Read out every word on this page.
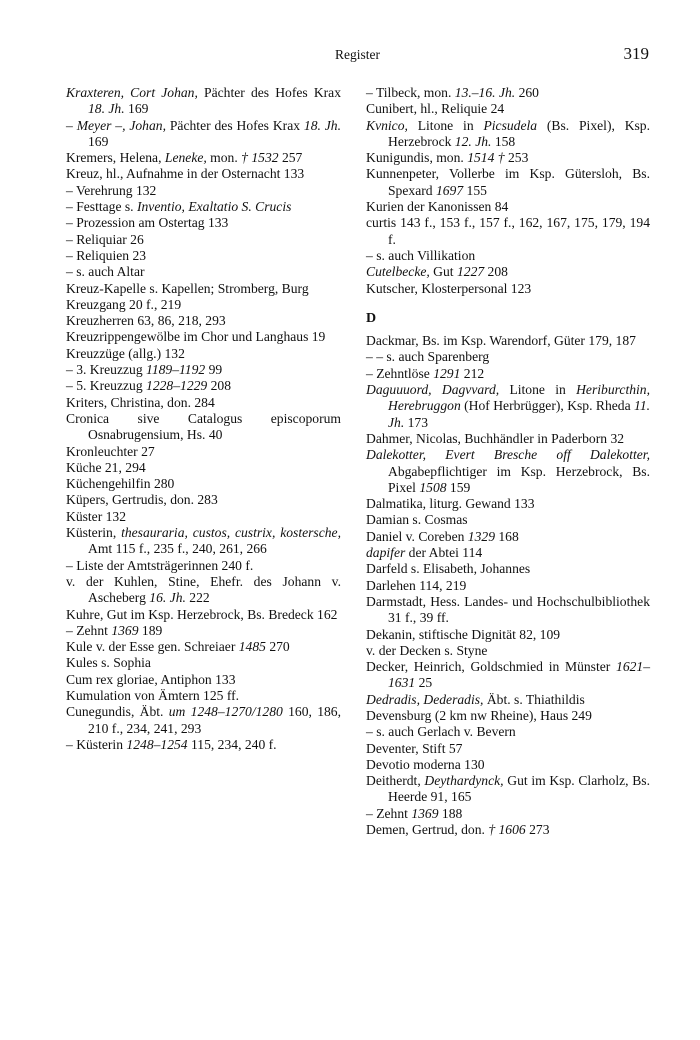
Register	319

Kraxteren, Cort Johan, Pächter des Hofes Krax 18. Jh. 169

– Meyer –, Johan, Pächter des Hofes Krax 18. Jh. 169

Kremers, Helena, Leneke, mon. † 1532 257

Kreuz, hl., Aufnahme in der Osternacht 133

– Verehrung 132

– Festtage s. Inventio, Exaltatio S. Crucis

– Prozession am Ostertag 133

– Reliquiar 26

– Reliquien 23

– s. auch Altar

Kreuz-Kapelle s. Kapellen; Stromberg, Burg

Kreuzgang 20 f., 219

Kreuzherren 63, 86, 218, 293

Kreuzrippengewölbe im Chor und Langhaus 19

Kreuzzüge (allg.) 132

– 3. Kreuzzug 1189–1192 99

– 5. Kreuzzug 1228–1229 208

Kriters, Christina, don. 284

Cronica sive Catalogus episcoporum Osnabrugensium, Hs. 40

Kronleuchter 27

Küche 21, 294

Küchengehilfin 280

Küpers, Gertrudis, don. 283

Küster 132

Küsterin, thesauraria, custos, custrix, kostersche, Amt 115 f., 235 f., 240, 261, 266

– Liste der Amtsträgerinnen 240 f.

v. der Kuhlen, Stine, Ehefr. des Johann v. Ascheberg 16. Jh. 222

Kuhre, Gut im Ksp. Herzebrock, Bs. Bredeck 162

– Zehnt 1369 189

Kule v. der Esse gen. Schreiaer 1485 270

Kules s. Sophia

Cum rex gloriae, Antiphon 133

Kumulation von Ämtern 125 ff.

Cunegundis, Äbt. um 1248–1270/1280 160, 186, 210 f., 234, 241, 293

– Küsterin 1248–1254 115, 234, 240 f.

– Tilbeck, mon. 13.–16. Jh. 260

Cunibert, hl., Reliquie 24

Kvnico, Litone in Picsudela (Bs. Pixel), Ksp. Herzebrock 12. Jh. 158

Kunigundis, mon. 1514 † 253

Kunnenpeter, Vollerbe im Ksp. Gütersloh, Bs. Spexard 1697 155

Kurien der Kanonissen 84

curtis 143 f., 153 f., 157 f., 162, 167, 175, 179, 194 f.

– s. auch Villikation

Cutelbecke, Gut 1227 208

Kutscher, Klosterpersonal 123

D

Dackmar, Bs. im Ksp. Warendorf, Güter 179, 187

– – s. auch Sparenberg

– Zehntlöse 1291 212

Daguuuord, Dagvvard, Litone in Heriburcthin, Herebruggon (Hof Herbrügger), Ksp. Rheda 11. Jh. 173

Dahmer, Nicolas, Buchhändler in Paderborn 32

Dalekotter, Evert Bresche off Dalekotter, Abgabepflichtiger im Ksp. Herzebrock, Bs. Pixel 1508 159

Dalmatika, liturg. Gewand 133

Damian s. Cosmas

Daniel v. Coreben 1329 168

dapifer der Abtei 114

Darfeld s. Elisabeth, Johannes

Darlehen 114, 219

Darmstadt, Hess. Landes- und Hochschulbibliothek 31 f., 39 ff.

Dekanin, stiftische Dignität 82, 109

v. der Decken s. Styne

Decker, Heinrich, Goldschmied in Münster 1621–1631 25

Dedradis, Dederadis, Äbt. s. Thiathildis

Devensburg (2 km nw Rheine), Haus 249

– s. auch Gerlach v. Bevern

Deventer, Stift 57

Devotio moderna 130

Deitherdt, Deythardynck, Gut im Ksp. Clarholz, Bs. Heerde 91, 165

– Zehnt 1369 188

Demen, Gertrud, don. † 1606 273
